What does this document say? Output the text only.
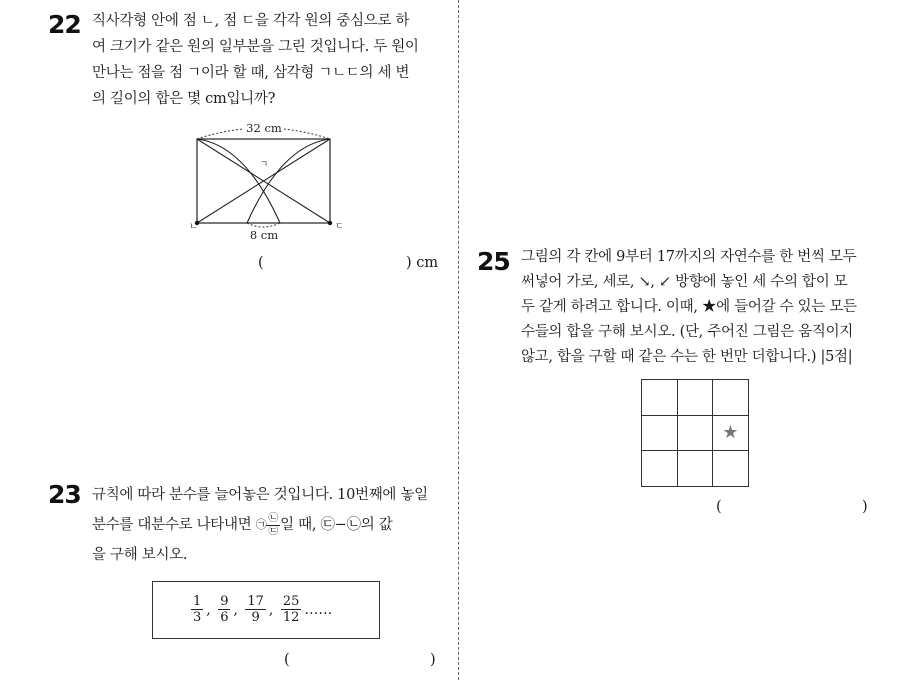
22 직사각형 안에 점 ㄴ, 점 ㄷ을 각각 원의 중심으로 하
여 크기가 같은 원의 일부분을 그린 것입니다. 두 원이
만나는 점을 점 ㄱ이라 할 때, 삼각형 ㄱㄴㄷ의 세 변
의 길이의 합은 몇 cm입니까?
32 cm
ㄱ
ㄴ	ㄷ
8 cm
(	) cm
23 규칙에 따라 분수를 늘어놓은 것입니다. 10번째에 놓일
분수를 대분수로 나타내면 ㉠ $\frac{㉡}{㉢}$ 일 때, ㉢−㉡의 값
을 구해 보시오.
$\frac{1}{3}$ , $\frac{9}{6}$ , $\frac{17}{9}$ , $\frac{25}{12}$ ……
(	)
25 그림의 각 칸에 9부터 17까지의 자연수를 한 번씩 모두
써넣어 가로, 세로, ↘, ↙ 방향에 놓인 세 수의 합이 모
두 같게 하려고 합니다. 이때, ★에 들어갈 수 있는 모든
수들의 합을 구해 보시오. (단, 주어진 그림은 움직이지
않고, 합을 구할 때 같은 수는 한 번만 더합니다.) |5점|

		★

(	)
